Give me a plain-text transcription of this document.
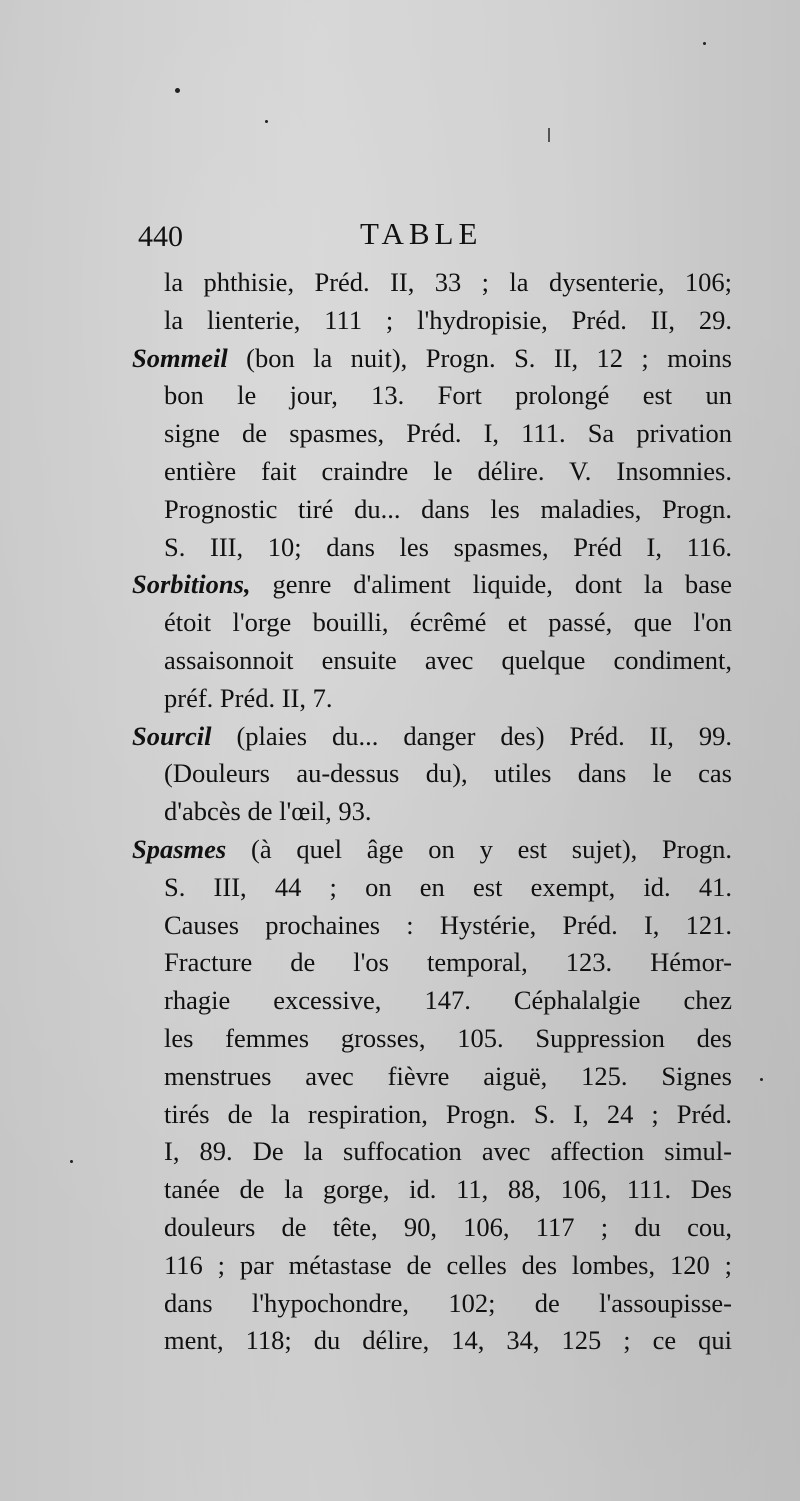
440	TABLE
la phthisie, Préd. II, 33 ; la dysenterie, 106;
la lienterie, 111 ; l'hydropisie, Préd. II, 29.
Sommeil (bon la nuit), Progn. S. II, 12 ; moins
bon le jour, 13. Fort prolongé est un
signe de spasmes, Préd. I, 111. Sa privation
entière fait craindre le délire. V. Insomnies.
Prognostic tiré du... dans les maladies, Progn.
S. III, 10; dans les spasmes, Préd I, 116.
Sorbitions, genre d'aliment liquide, dont la base
étoit l'orge bouilli, écrêmé et passé, que l'on
assaisonnoit ensuite avec quelque condiment,
préf. Préd. II, 7.
Sourcil (plaies du... danger des) Préd. II, 99.
(Douleurs au-dessus du), utiles dans le cas
d'abcès de l'œil, 93.
Spasmes (à quel âge on y est sujet), Progn.
S. III, 44 ; on en est exempt, id. 41.
Causes prochaines : Hystérie, Préd. I, 121.
Fracture de l'os temporal, 123. Hémor-
rhagie excessive, 147. Céphalalgie chez
les femmes grosses, 105. Suppression des
menstrues avec fièvre aiguë, 125. Signes
tirés de la respiration, Progn. S. I, 24 ; Préd.
I, 89. De la suffocation avec affection simul-
tanée de la gorge, id. 11, 88, 106, 111. Des
douleurs de tête, 90, 106, 117 ; du cou,
116 ; par métastase de celles des lombes, 120 ;
dans l'hypochondre, 102; de l'assoupisse-
ment, 118; du délire, 14, 34, 125 ; ce qui
